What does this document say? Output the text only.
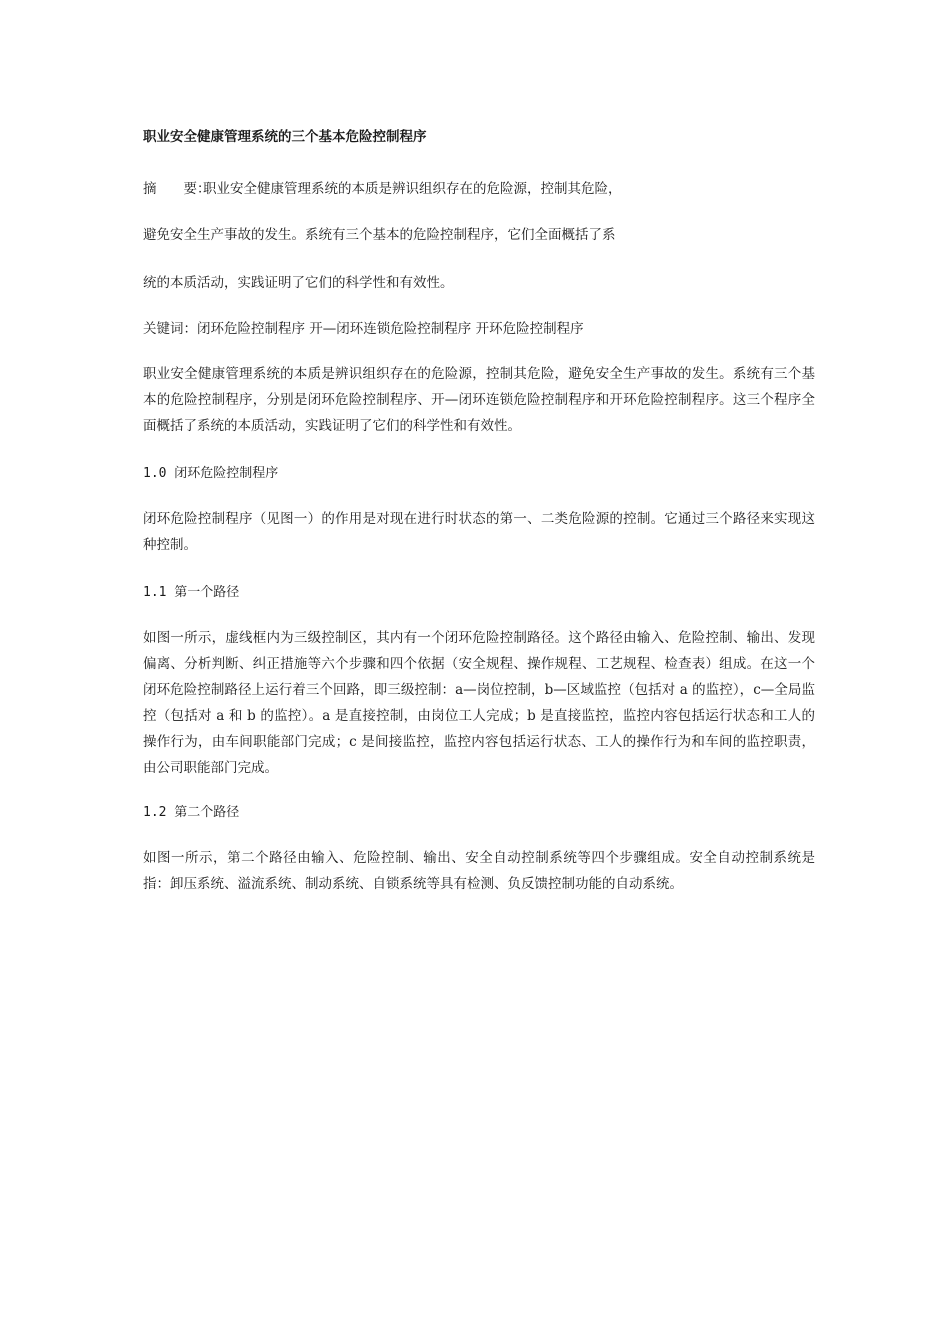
职业安全健康管理系统的三个基本危险控制程序
摘　　要：职业安全健康管理系统的本质是辨识组织存在的危险源，控制其危险，
避免安全生产事故的发生。系统有三个基本的危险控制程序，它们全面概括了系
统的本质活动，实践证明了它们的科学性和有效性。
关键词：闭环危险控制程序 开—闭环连锁危险控制程序 开环危险控制程序
职业安全健康管理系统的本质是辨识组织存在的危险源，控制其危险，避免安全生产事故的发生。系统有三个基本的危险控制程序，分别是闭环危险控制程序、开—闭环连锁危险控制程序和开环危险控制程序。这三个程序全面概括了系统的本质活动，实践证明了它们的科学性和有效性。
1.0 闭环危险控制程序
闭环危险控制程序（见图一）的作用是对现在进行时状态的第一、二类危险源的控制。它通过三个路径来实现这种控制。
1.1 第一个路径
如图一所示，虚线框内为三级控制区，其内有一个闭环危险控制路径。这个路径由输入、危险控制、输出、发现偏离、分析判断、纠正措施等六个步骤和四个依据（安全规程、操作规程、工艺规程、检查表）组成。在这一个闭环危险控制路径上运行着三个回路，即三级控制：a—岗位控制，b—区域监控（包括对 a 的监控），c—全局监控（包括对 a 和 b 的监控）。a 是直接控制，由岗位工人完成；b 是直接监控，监控内容包括运行状态和工人的操作行为，由车间职能部门完成；c 是间接监控，监控内容包括运行状态、工人的操作行为和车间的监控职责，由公司职能部门完成。
1.2 第二个路径
如图一所示，第二个路径由输入、危险控制、输出、安全自动控制系统等四个步骤组成。安全自动控制系统是指：卸压系统、溢流系统、制动系统、自锁系统等具有检测、负反馈控制功能的自动系统。
